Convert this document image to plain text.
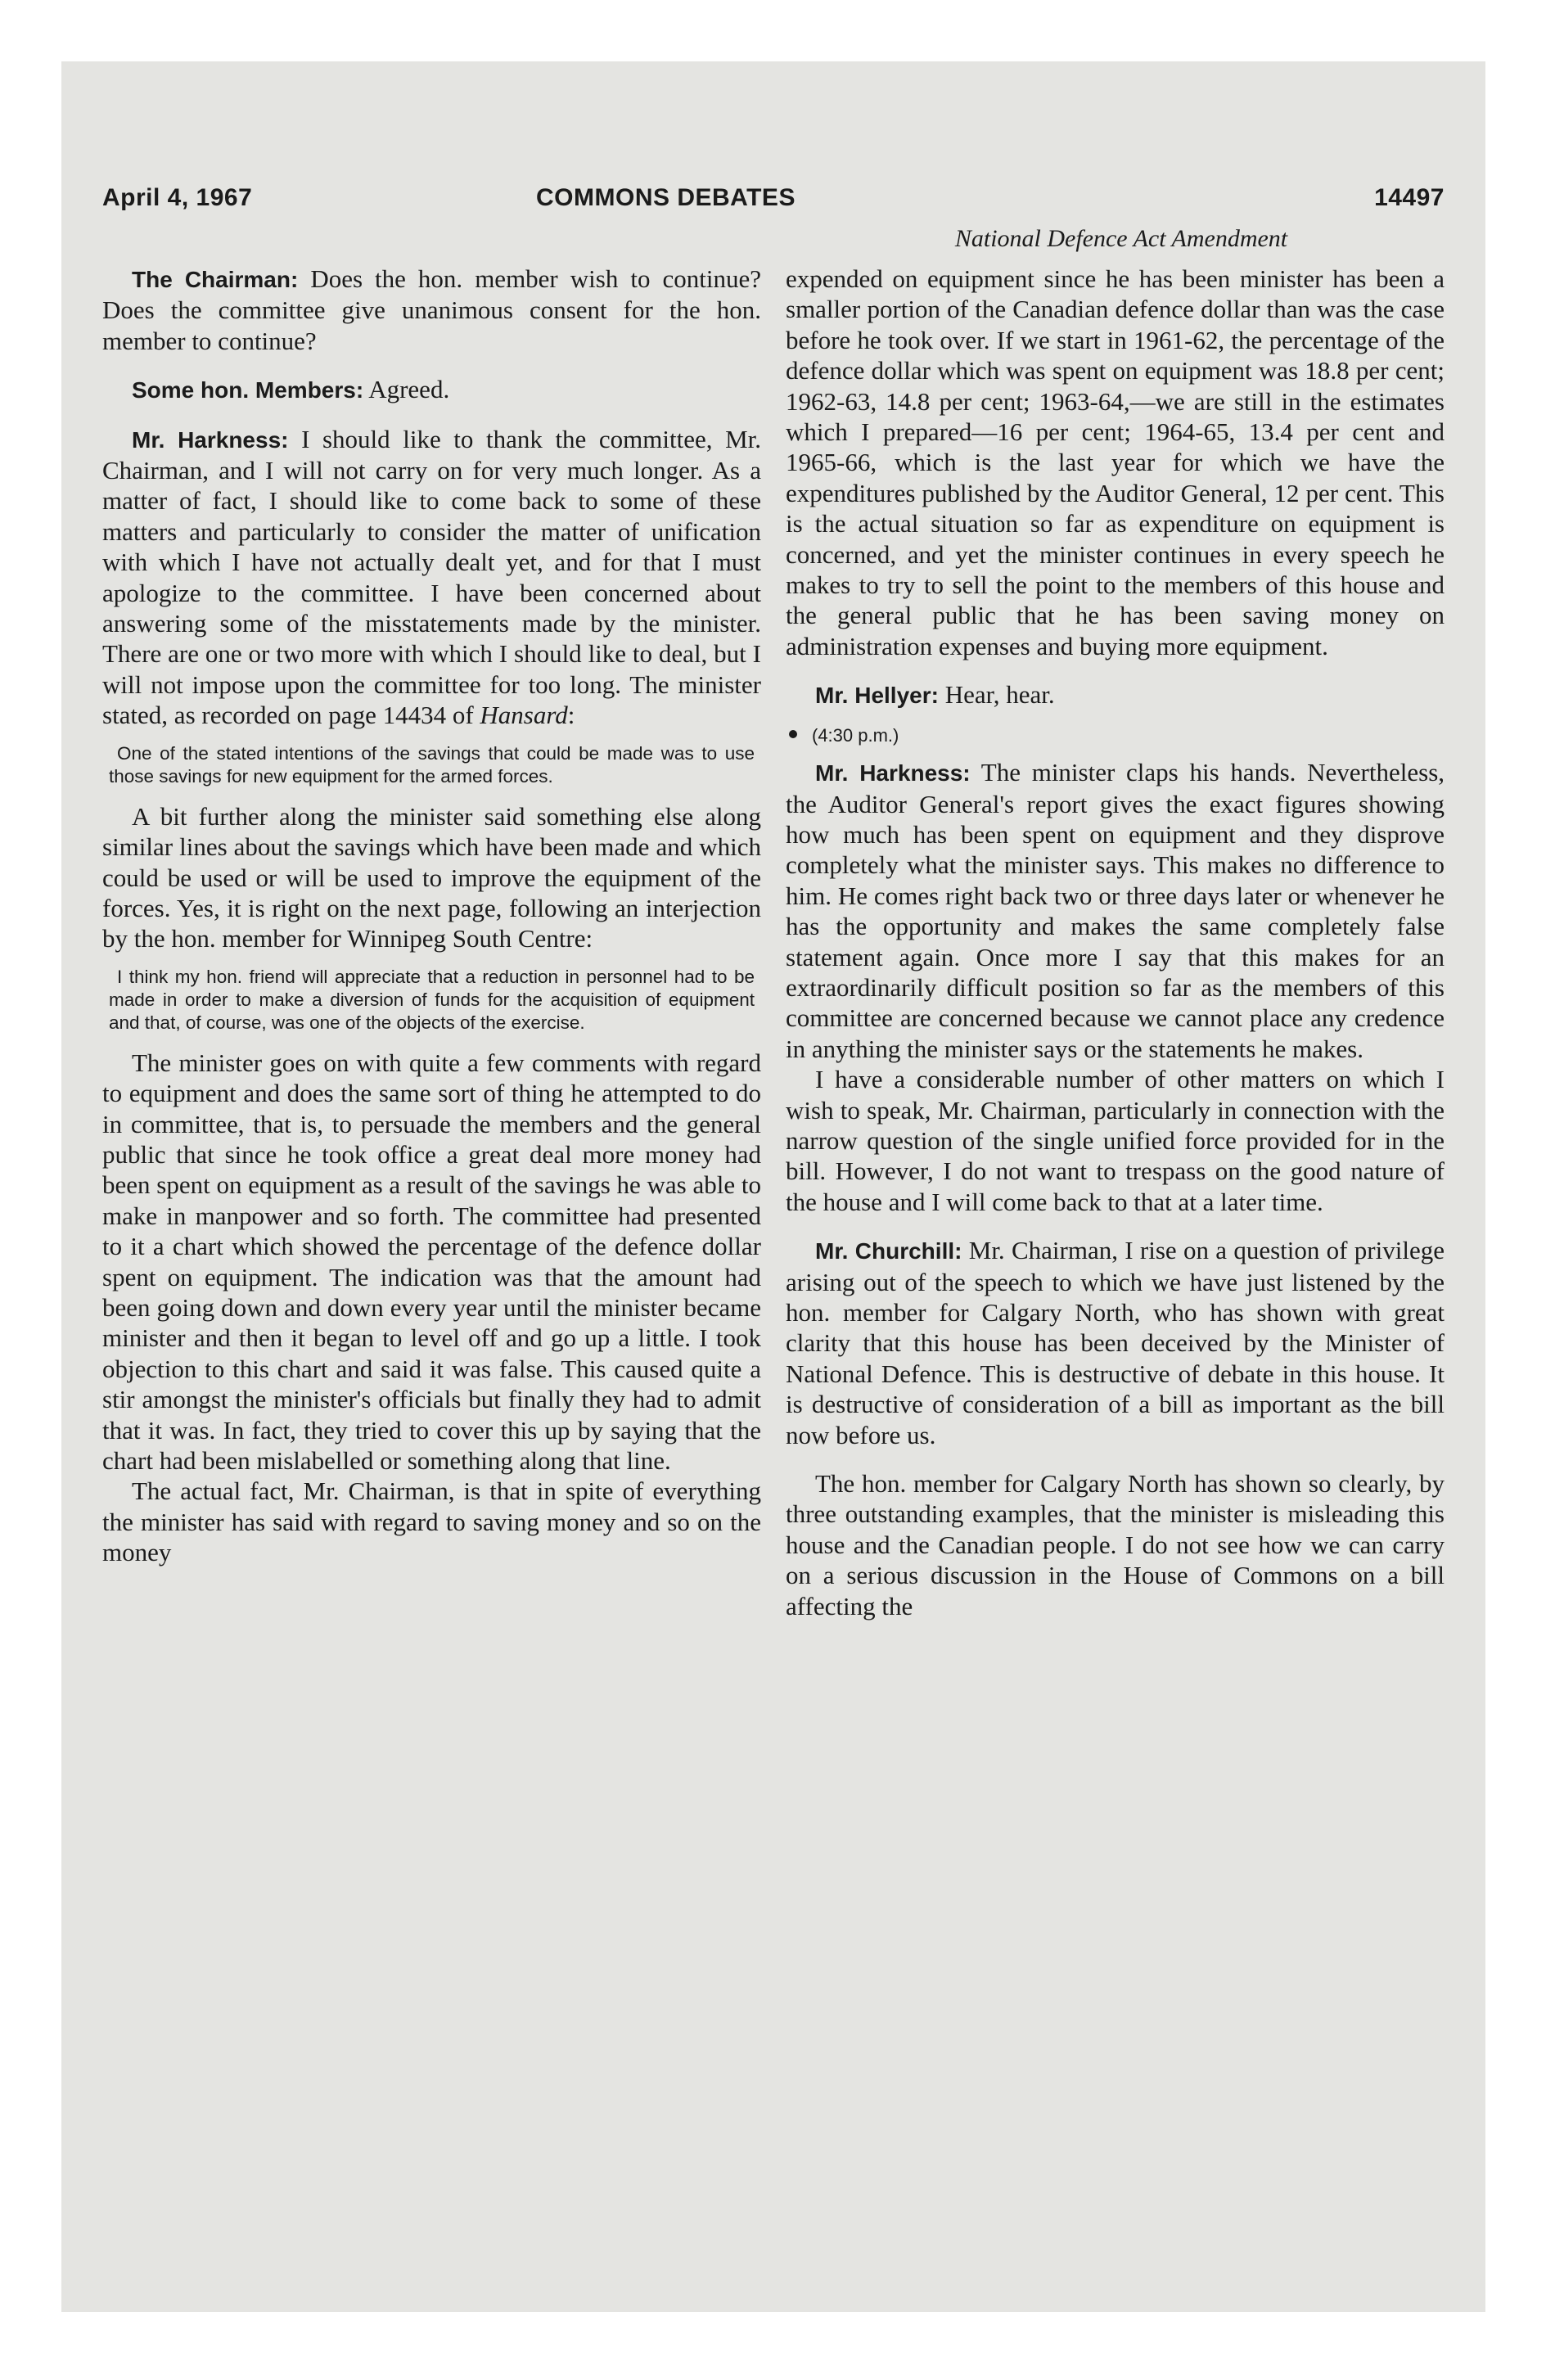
April 4, 1967	COMMONS DEBATES	14497
National Defence Act Amendment

The Chairman: Does the hon. member wish to continue? Does the committee give unanimous consent for the hon. member to continue?

Some hon. Members: Agreed.

Mr. Harkness: I should like to thank the committee, Mr. Chairman, and I will not carry on for very much longer. As a matter of fact, I should like to come back to some of these matters and particularly to consider the matter of unification with which I have not actually dealt yet, and for that I must apologize to the committee. I have been concerned about answering some of the misstatements made by the minister. There are one or two more with which I should like to deal, but I will not impose upon the committee for too long. The minister stated, as recorded on page 14434 of Hansard:

One of the stated intentions of the savings that could be made was to use those savings for new equipment for the armed forces.

A bit further along the minister said something else along similar lines about the savings which have been made and which could be used or will be used to improve the equipment of the forces. Yes, it is right on the next page, following an interjection by the hon. member for Winnipeg South Centre:

I think my hon. friend will appreciate that a reduction in personnel had to be made in order to make a diversion of funds for the acquisition of equipment and that, of course, was one of the objects of the exercise.

The minister goes on with quite a few comments with regard to equipment and does the same sort of thing he attempted to do in committee, that is, to persuade the members and the general public that since he took office a great deal more money had been spent on equipment as a result of the savings he was able to make in manpower and so forth. The committee had presented to it a chart which showed the percentage of the defence dollar spent on equipment. The indication was that the amount had been going down and down every year until the minister became minister and then it began to level off and go up a little. I took objection to this chart and said it was false. This caused quite a stir amongst the minister's officials but finally they had to admit that it was. In fact, they tried to cover this up by saying that the chart had been mislabelled or something along that line.

The actual fact, Mr. Chairman, is that in spite of everything the minister has said with regard to saving money and so on the money

expended on equipment since he has been minister has been a smaller portion of the Canadian defence dollar than was the case before he took over. If we start in 1961-62, the percentage of the defence dollar which was spent on equipment was 18.8 per cent; 1962-63, 14.8 per cent; 1963-64,—we are still in the estimates which I prepared—16 per cent; 1964-65, 13.4 per cent and 1965-66, which is the last year for which we have the expenditures published by the Auditor General, 12 per cent. This is the actual situation so far as expenditure on equipment is concerned, and yet the minister continues in every speech he makes to try to sell the point to the members of this house and the general public that he has been saving money on administration expenses and buying more equipment.

Mr. Hellyer: Hear, hear.

(4:30 p.m.)

Mr. Harkness: The minister claps his hands. Nevertheless, the Auditor General's report gives the exact figures showing how much has been spent on equipment and they disprove completely what the minister says. This makes no difference to him. He comes right back two or three days later or whenever he has the opportunity and makes the same completely false statement again. Once more I say that this makes for an extraordinarily difficult position so far as the members of this committee are concerned because we cannot place any credence in anything the minister says or the statements he makes.

I have a considerable number of other matters on which I wish to speak, Mr. Chairman, particularly in connection with the narrow question of the single unified force provided for in the bill. However, I do not want to trespass on the good nature of the house and I will come back to that at a later time.

Mr. Churchill: Mr. Chairman, I rise on a question of privilege arising out of the speech to which we have just listened by the hon. member for Calgary North, who has shown with great clarity that this house has been deceived by the Minister of National Defence. This is destructive of debate in this house. It is destructive of consideration of a bill as important as the bill now before us.

The hon. member for Calgary North has shown so clearly, by three outstanding examples, that the minister is misleading this house and the Canadian people. I do not see how we can carry on a serious discussion in the House of Commons on a bill affecting the
